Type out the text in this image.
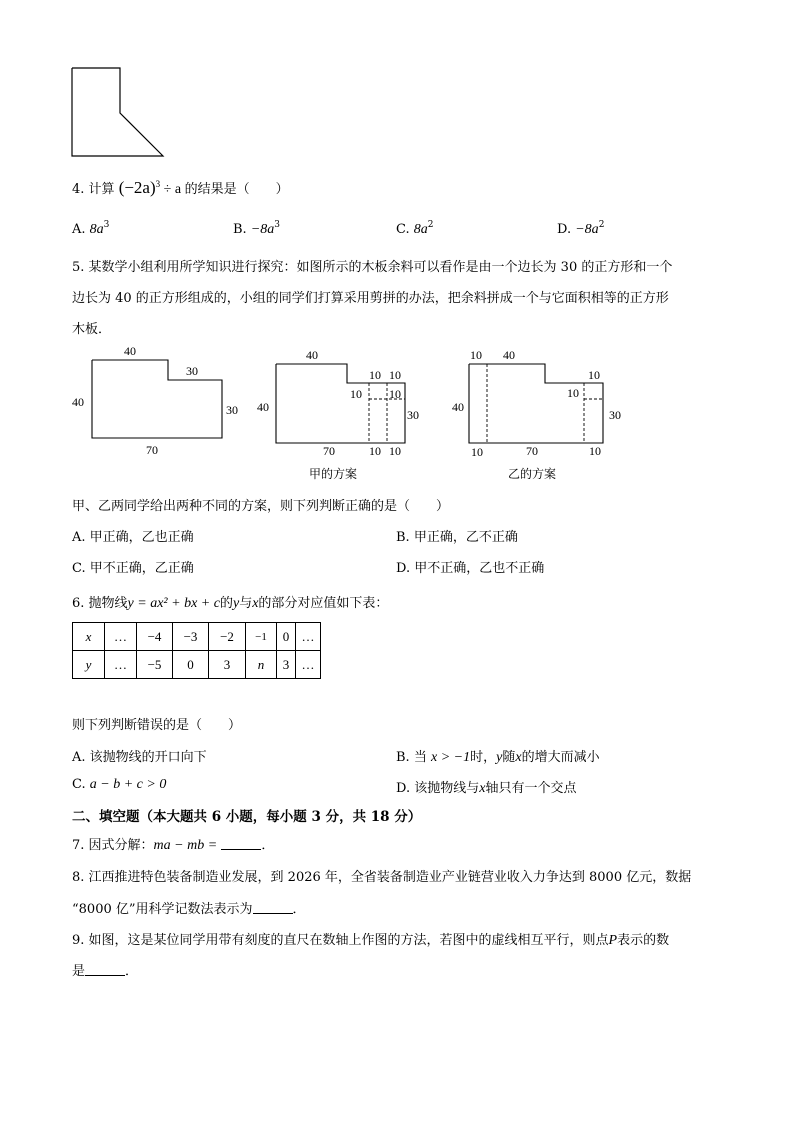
4. 计算 $(-2a)^3 \div a$ 的结果是（　　）
A. $8a^3$	B. $-8a^3$	C. $8a^2$	D. $-8a^2$
5. 某数学小组利用所学知识进行探究：如图所示的木板余料可以看作是由一个边长为 30 的正方形和一个
边长为 40 的正方形组成的，小组的同学们打算采用剪拼的办法，把余料拼成一个与它面积相等的正方形
木板．
40
30
40
30
70
40
10 10
10 10
40
30
70	10 10
甲的方案
10 40
10
10
40
30
10	70	10
乙的方案
甲、乙两同学给出两种不同的方案，则下列判断正确的是（　　）
A. 甲正确，乙也正确	B. 甲正确，乙不正确
C. 甲不正确，乙正确	D. 甲不正确，乙也不正确
6. 抛物线y = ax² + bx + c的y与x的部分对应值如下表：
x	…	−4	−3	−2	−1	0	…
y	…	−5	0	3	n	3	…
则下列判断错误的是（　　）
A. 该抛物线的开口向下	B. 当 x > −1时，y随x的增大而减小
C. a − b + c > 0	D. 该抛物线与x轴只有一个交点
二、填空题（本大题共 6 小题，每小题 3 分，共 18 分）
7. 因式分解：ma − mb =	．
8. 江西推进特色装备制造业发展，到 2026 年，全省装备制造业产业链营业收入力争达到 8000 亿元，数据
“8000 亿”用科学记数法表示为	．
9. 如图，这是某位同学用带有刻度的直尺在数轴上作图的方法，若图中的虚线相互平行，则点P表示的数
是	．
